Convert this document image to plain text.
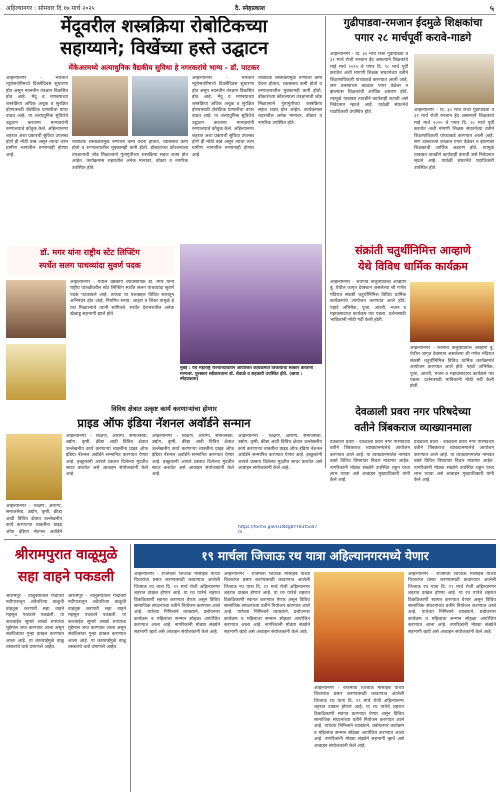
अहिल्यानगर : सोमवार दि १७ मार्च २०२५	दै. स्नेहप्रकाश	५
मेंदूवरील शस्त्रक्रिया रोबोटिकच्या
सहाय्याने; विखेंच्या हस्ते उद्घाटन
मेंकेअरमध्ये अत्याधुनिक वैद्यकीय सुविधा हे नगरकरांचे भाग्य - डॉ. पाटकर
अहिल्यानगर - भारतात न्यूरोसर्जरीमध्ये दिवसेंदिवस सुधारणा होत असून नवनवीन तंत्रज्ञान विकसित होत आहे. मेंदू व मणक्याच्या शस्त्रक्रिया अधिक अचूक व सुरक्षित होण्यासाठी रोबोटिक प्रणालीचा वापर वाढत आहे. या अत्याधुनिक सुविधेचे उद्घाटन करताना मान्यवरांनी रुग्णालयाचे कौतुक केले. अहिल्यानगर शहरात अशा प्रकारची सुविधा उपलब्ध होणे ही मोठी बाब असून त्याचा लाभ ग्रामीण भागातील रुग्णांनाही होणार आहे.
रोबोटिक शस्त्रक्रियेमुळे रुग्णाला कमी वेदना होतात, रक्तस्त्राव कमी होतो व रुग्णालयातील मुक्कामही कमी होतो. डॉक्टरांच्या कौशल्याला तंत्रज्ञानाची जोड मिळाल्याने गुंतागुंतीच्या शस्त्रक्रिया सहज शक्य होत आहेत. कार्यक्रमास शहरातील अनेक मान्यवर, डॉक्टर व नागरिक उपस्थित होते.
अहिल्यानगर - भारतात न्यूरोसर्जरीमध्ये दिवसेंदिवस सुधारणा होत असून नवनवीन तंत्रज्ञान विकसित होत आहे. मेंदू व मणक्याच्या शस्त्रक्रिया अधिक अचूक व सुरक्षित होण्यासाठी रोबोटिक प्रणालीचा वापर वाढत आहे. या अत्याधुनिक सुविधेचे उद्घाटन करताना मान्यवरांनी रुग्णालयाचे कौतुक केले. अहिल्यानगर शहरात अशा प्रकारची सुविधा उपलब्ध होणे ही मोठी बाब असून त्याचा लाभ ग्रामीण भागातील रुग्णांनाही होणार आहे.
रोबोटिक शस्त्रक्रियेमुळे रुग्णाला कमी वेदना होतात, रक्तस्त्राव कमी होतो व रुग्णालयातील मुक्कामही कमी होतो. डॉक्टरांच्या कौशल्याला तंत्रज्ञानाची जोड मिळाल्याने गुंतागुंतीच्या शस्त्रक्रिया सहज शक्य होत आहेत. कार्यक्रमास शहरातील अनेक मान्यवर, डॉक्टर व नागरिक उपस्थित होते.
गुढीपाडवा-रमजान ईदमुळे शिक्षकांचा
पगार २८ मार्चपूर्वी करावे-गाडगे
अहिल्यानगर - दि. ३० मार्च रोजी गुढीपाडवा व ३१ मार्च रोजी रमजान ईद असल्याने शिक्षकांचे माहे मार्च २०२५ चे पगार दि. २८ मार्च पूर्वी करावेत अशी मागणी शिक्षक संघटनेच्या वतीने शिक्षणाधिकारी यांच्याकडे करण्यात आली आहे. सण उत्सवाच्या काळात पगार वेळेवर न झाल्यास शिक्षकांची आर्थिक अडचण होते, त्यामुळे याबाबत तातडीने कार्यवाही करावी असे निवेदनात म्हटले आहे. यावेळी संघटनेचे पदाधिकारी उपस्थित होते.	अहिल्यानगर - दि. ३० मार्च रोजी गुढीपाडवा व ३१ मार्च रोजी रमजान ईद असल्याने शिक्षकांचे माहे मार्च २०२५ चे पगार दि. २८ मार्च पूर्वी करावेत अशी मागणी शिक्षक संघटनेच्या वतीने शिक्षणाधिकारी यांच्याकडे करण्यात आली आहे. सण उत्सवाच्या काळात पगार वेळेवर न झाल्यास शिक्षकांची आर्थिक अडचण होते, त्यामुळे याबाबत तातडीने कार्यवाही करावी असे निवेदनात म्हटले आहे. यावेळी संघटनेचे पदाधिकारी उपस्थित होते.
डॉ. मगर यांना राष्ट्रीय स्टेट लिफ्टिंग
स्पर्धेत सलग पाचव्यांदा सुवर्ण पदक
अहिल्यानगर - येथील वैद्यकीय व्यावसायिक डॉ. मगर यांनी राष्ट्रीय पातळीवरील स्टेट लिफ्टिंग स्पर्धेत सलग पाचव्यांदा सुवर्ण पदक पटकावले आहे. त्यांच्या या यशाबद्दल विविध स्तरातून अभिनंदन होत आहे. नियमित सराव, आहार व शिस्त यामुळे हे यश मिळाल्याचे त्यांनी सांगितले. स्पर्धेत देशभरातील अनेक खेळाडू सहभागी झाले होते.
मुंबई : येथे महाराष्ट्र राज्याच्यावतीने आयोजित कार्यक्रमात विजेत्यांचा सत्कार करताना मान्यवर. पुरस्कार स्वीकारताना डॉ. शेवाळे व सहकारी उपस्थित होते. (छाया : स्नेहप्रकाश)
विविध क्षेत्रात उत्कृष्ट कार्य करणाऱ्यांचा होणार
प्राइड ऑफ इंडिया नॅशनल अवॉर्डने सन्मान
अहिल्यानगर - शिक्षण, आरोग्य, समाजसेवा, उद्योग, कृषी, क्रीडा आदी विविध क्षेत्रात उल्लेखनीय कार्य करणाऱ्या व्यक्तींना प्राइड ऑफ इंडिया नॅशनल अवॉर्डने सन्मानित करण्यात येणार आहे. इच्छुकांनी आपले प्रस्ताव दिलेल्या मुदतीत सादर करावेत असे आवाहन संयोजकांनी केले आहे.
अहिल्यानगर - शिक्षण, आरोग्य, समाजसेवा, उद्योग, कृषी, क्रीडा आदी विविध क्षेत्रात उल्लेखनीय कार्य करणाऱ्या व्यक्तींना प्राइड ऑफ इंडिया नॅशनल अवॉर्डने सन्मानित करण्यात येणार आहे. इच्छुकांनी आपले प्रस्ताव दिलेल्या मुदतीत सादर करावेत असे आवाहन संयोजकांनी केले आहे.
अहिल्यानगर - शिक्षण, आरोग्य, समाजसेवा, उद्योग, कृषी, क्रीडा आदी विविध क्षेत्रात उल्लेखनीय कार्य करणाऱ्या व्यक्तींना प्राइड ऑफ इंडिया नॅशनल अवॉर्डने सन्मानित करण्यात येणार आहे. इच्छुकांनी आपले प्रस्ताव दिलेल्या मुदतीत सादर करावेत असे आवाहन संयोजकांनी केले आहे.
https://forms.gle/U1N4g8YY83t5od7 m
अहिल्यानगर - शिक्षण, आरोग्य, समाजसेवा, उद्योग, कृषी, क्रीडा आदी विविध क्षेत्रात उल्लेखनीय कार्य करणाऱ्या व्यक्तींना प्राइड ऑफ इंडिया नॅशनल अवॉर्डने
संक्रांती चतुर्थीनिमित्त आव्हाणे
येथे विविध धार्मिक कार्यक्रम
अहिल्यानगर - शेवगाव तालुक्यातील आव्हाणे बु. येथील जागृत देवस्थान असलेल्या श्री गणेश मंदिरात संकष्टी चतुर्थीनिमित्त विविध धार्मिक कार्यक्रमांचे आयोजन करण्यात आले होते. पहाटे अभिषेक, पूजा, आरती, भजन व महाप्रसादाचा कार्यक्रम पार पडला. दर्शनासाठी भाविकांनी मोठी गर्दी केली होती.
अहिल्यानगर - शेवगाव तालुक्यातील आव्हाणे बु. येथील जागृत देवस्थान असलेल्या श्री गणेश मंदिरात संकष्टी चतुर्थीनिमित्त विविध धार्मिक कार्यक्रमांचे आयोजन करण्यात आले होते. पहाटे अभिषेक, पूजा, आरती, भजन व महाप्रसादाचा कार्यक्रम पार पडला. दर्शनासाठी भाविकांनी मोठी गर्दी केली होती.
देवळाली प्रवरा नगर परिषदेच्या
वतीने त्रिंबकराज व्याख्यानमाला
देवळाली प्रवरा - देवळाली प्रवरा नगर परिषदेच्या वतीने त्रिंबकराज व्याख्यानमालेचे आयोजन करण्यात आले आहे. या व्याख्यानमालेत नामवंत वक्ते विविध विषयांवर विचार मांडणार आहेत. नागरिकांनी मोठ्या संख्येने उपस्थित राहून याचा लाभ घ्यावा असे आवाहन मुख्याधिकारी यांनी केले आहे.
देवळाली प्रवरा - देवळाली प्रवरा नगर परिषदेच्या वतीने त्रिंबकराज व्याख्यानमालेचे आयोजन करण्यात आले आहे. या व्याख्यानमालेत नामवंत वक्ते विविध विषयांवर विचार मांडणार आहेत. नागरिकांनी मोठ्या संख्येने उपस्थित राहून याचा लाभ घ्यावा असे आवाहन मुख्याधिकारी यांनी केले आहे.
श्रीरामपुरात वाळूमुळे
सहा वाहने पकडली
श्रीरामपूर - तालुक्यातील गोदावरी नदीपात्रातून अवैधरित्या वाळूची वाहतूक करणारी सहा वाहने महसूल पथकाने पकडली. या कारवाईत सुमारे लाखो रुपयांचा मुद्देमाल जप्त करण्यात आला असून संबंधितांवर गुन्हा दाखल करण्यात आला आहे. या कारवाईमुळे वाळू तस्करांचे धाबे दणाणले आहेत.
श्रीरामपूर - तालुक्यातील गोदावरी नदीपात्रातून अवैधरित्या वाळूची वाहतूक करणारी सहा वाहने महसूल पथकाने पकडली. या कारवाईत सुमारे लाखो रुपयांचा मुद्देमाल जप्त करण्यात आला असून संबंधितांवर गुन्हा दाखल करण्यात आला आहे. या कारवाईमुळे वाळू तस्करांचे धाबे दणाणले आहेत.
१९ मार्चला जिजाऊ रथ यात्रा अहिल्यानगरमध्ये येणार
अहिल्यानगर - राजमाता जिजाऊ माँसाहेब यांच्या विचारांचा प्रसार करण्यासाठी काढण्यात आलेली जिजाऊ रथ यात्रा दि. १९ मार्च रोजी अहिल्यानगर शहरात दाखल होणार आहे. या रथ यात्रेचे शहरात ठिकठिकाणी स्वागत करण्यात येणार असून विविध सामाजिक संघटनांच्या वतीने नियोजन करण्यात आले आहे. यात्रेच्या निमित्ताने व्याख्याने, प्रबोधनपर कार्यक्रम व महिलांचा सन्मान सोहळा आयोजित करण्यात आला आहे. नागरिकांनी मोठ्या संख्येने सहभागी व्हावे असे आवाहन संयोजकांनी केले आहे.
अहिल्यानगर - राजमाता जिजाऊ माँसाहेब यांच्या विचारांचा प्रसार करण्यासाठी काढण्यात आलेली जिजाऊ रथ यात्रा दि. १९ मार्च रोजी अहिल्यानगर शहरात दाखल होणार आहे. या रथ यात्रेचे शहरात ठिकठिकाणी स्वागत करण्यात येणार असून विविध सामाजिक संघटनांच्या वतीने नियोजन करण्यात आले आहे. यात्रेच्या निमित्ताने व्याख्याने, प्रबोधनपर कार्यक्रम व महिलांचा सन्मान सोहळा आयोजित करण्यात आला आहे. नागरिकांनी मोठ्या संख्येने सहभागी व्हावे असे आवाहन संयोजकांनी केले आहे.
अहिल्यानगर - राजमाता जिजाऊ माँसाहेब यांच्या विचारांचा प्रसार करण्यासाठी काढण्यात आलेली जिजाऊ रथ यात्रा दि. १९ मार्च रोजी अहिल्यानगर शहरात दाखल होणार आहे. या रथ यात्रेचे शहरात ठिकठिकाणी स्वागत करण्यात येणार असून विविध सामाजिक संघटनांच्या वतीने नियोजन करण्यात आले आहे. यात्रेच्या निमित्ताने व्याख्याने, प्रबोधनपर कार्यक्रम व महिलांचा सन्मान सोहळा आयोजित करण्यात आला आहे. नागरिकांनी मोठ्या संख्येने सहभागी व्हावे असे आवाहन संयोजकांनी केले आहे.
अहिल्यानगर - राजमाता जिजाऊ माँसाहेब यांच्या विचारांचा प्रसार करण्यासाठी काढण्यात आलेली जिजाऊ रथ यात्रा दि. १९ मार्च रोजी अहिल्यानगर शहरात दाखल होणार आहे. या रथ यात्रेचे शहरात ठिकठिकाणी स्वागत करण्यात येणार असून विविध सामाजिक संघटनांच्या वतीने नियोजन करण्यात आले आहे. यात्रेच्या निमित्ताने व्याख्याने, प्रबोधनपर कार्यक्रम व महिलांचा सन्मान सोहळा आयोजित करण्यात आला आहे. नागरिकांनी मोठ्या संख्येने सहभागी व्हावे असे आवाहन संयोजकांनी केले आहे.
